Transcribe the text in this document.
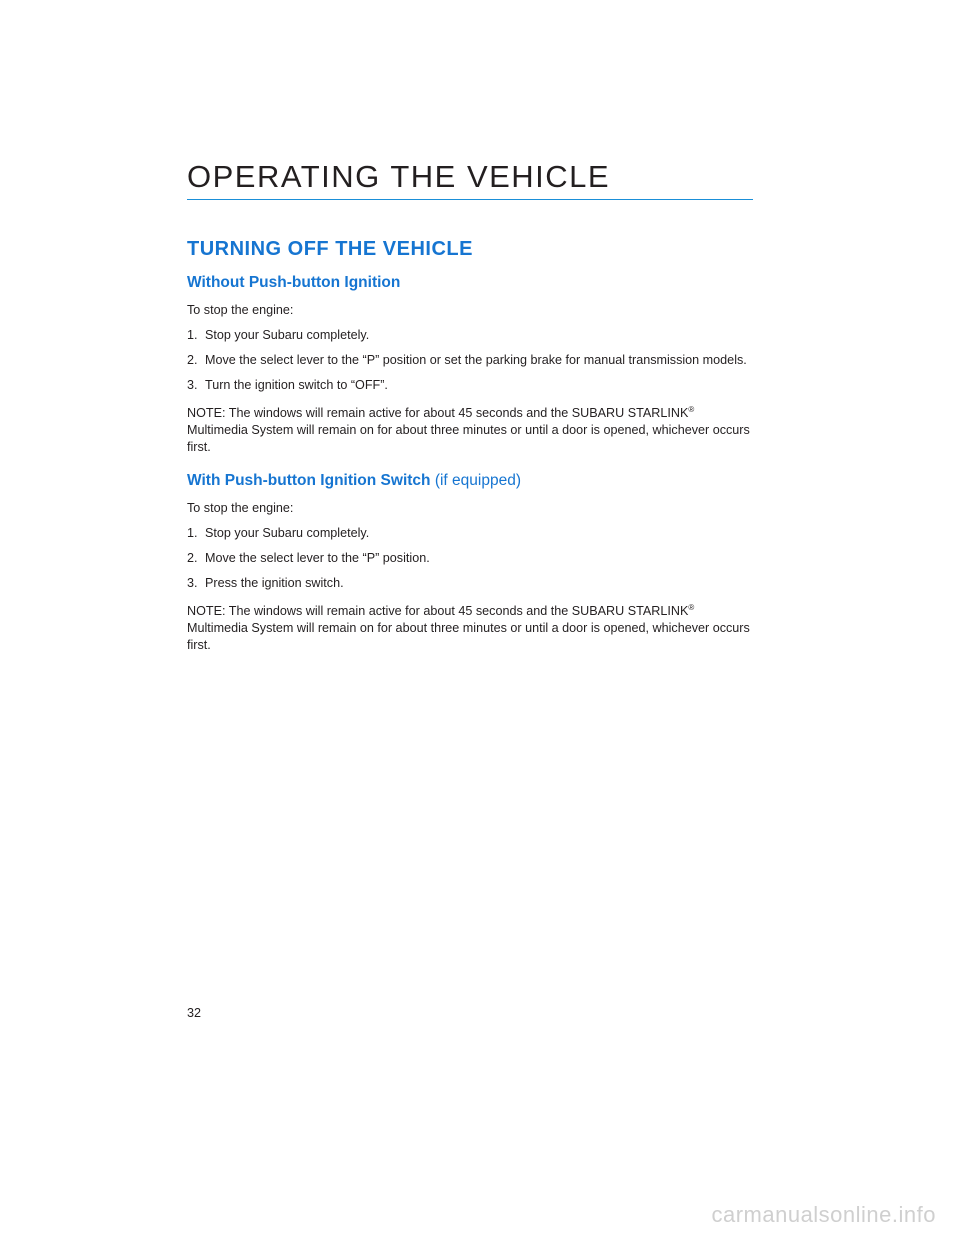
OPERATING THE VEHICLE
TURNING OFF THE VEHICLE
Without Push-button Ignition

To stop the engine:

1. Stop your Subaru completely.
2. Move the select lever to the “P” position or set the parking brake for manual transmission models.
3. Turn the ignition switch to “OFF”.

NOTE: The windows will remain active for about 45 seconds and the SUBARU STARLINK® Multimedia System will remain on for about three minutes or until a door is opened, whichever occurs first.

With Push-button Ignition Switch (if equipped)

To stop the engine:

1. Stop your Subaru completely.
2. Move the select lever to the “P” position.
3. Press the ignition switch.

NOTE: The windows will remain active for about 45 seconds and the SUBARU STARLINK® Multimedia System will remain on for about three minutes or until a door is opened, whichever occurs first.

32
carmanualsonline.info
